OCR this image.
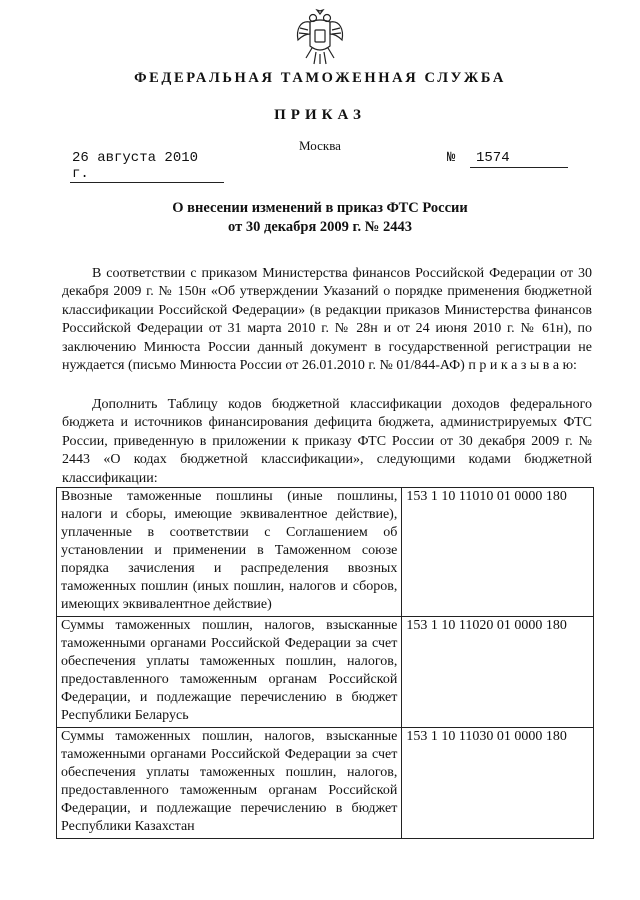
ФЕДЕРАЛЬНАЯ ТАМОЖЕННАЯ СЛУЖБА
ПРИКАЗ
Москва
26 августа 2010 г.
№ 1574
О внесении изменений в приказ ФТС России
от 30 декабря 2009 г. № 2443
В соответствии с приказом Министерства финансов Российской Федерации от 30 декабря 2009 г. № 150н «Об утверждении Указаний о порядке применения бюджетной классификации Российской Федерации» (в редакции приказов Министерства финансов Российской Федерации от 31 марта 2010 г. № 28н и от 24 июня 2010 г. № 61н), по заключению Минюста России данный документ в государственной регистрации не нуждается (письмо Минюста России от 26.01.2010 г. № 01/844-АФ) п р и к а з ы в а ю:
Дополнить Таблицу кодов бюджетной классификации доходов федерального бюджета и источников финансирования дефицита бюджета, администрируемых ФТС России, приведенную в приложении к приказу ФТС России от 30 декабря 2009 г. № 2443 «О кодах бюджетной классификации», следующими кодами бюджетной классификации:
Ввозные таможенные пошлины (иные пошлины, налоги и сборы, имеющие эквивалентное действие), уплаченные в соответствии с Соглашением об установлении и применении в Таможенном союзе порядка зачисления и распределения ввозных таможенных пошлин (иных пошлин, налогов и сборов, имеющих эквивалентное действие)	153 1 10 11010 01 0000 180
Суммы таможенных пошлин, налогов, взысканные таможенными органами Российской Федерации за счет обеспечения уплаты таможенных пошлин, налогов, предоставленного таможенным органам Российской Федерации, и подлежащие перечислению в бюджет Республики Беларусь	153 1 10 11020 01 0000 180
Суммы таможенных пошлин, налогов, взысканные таможенными органами Российской Федерации за счет обеспечения уплаты таможенных пошлин, налогов, предоставленного таможенным органам Российской Федерации, и подлежащие перечислению в бюджет Республики Казахстан	153 1 10 11030 01 0000 180
